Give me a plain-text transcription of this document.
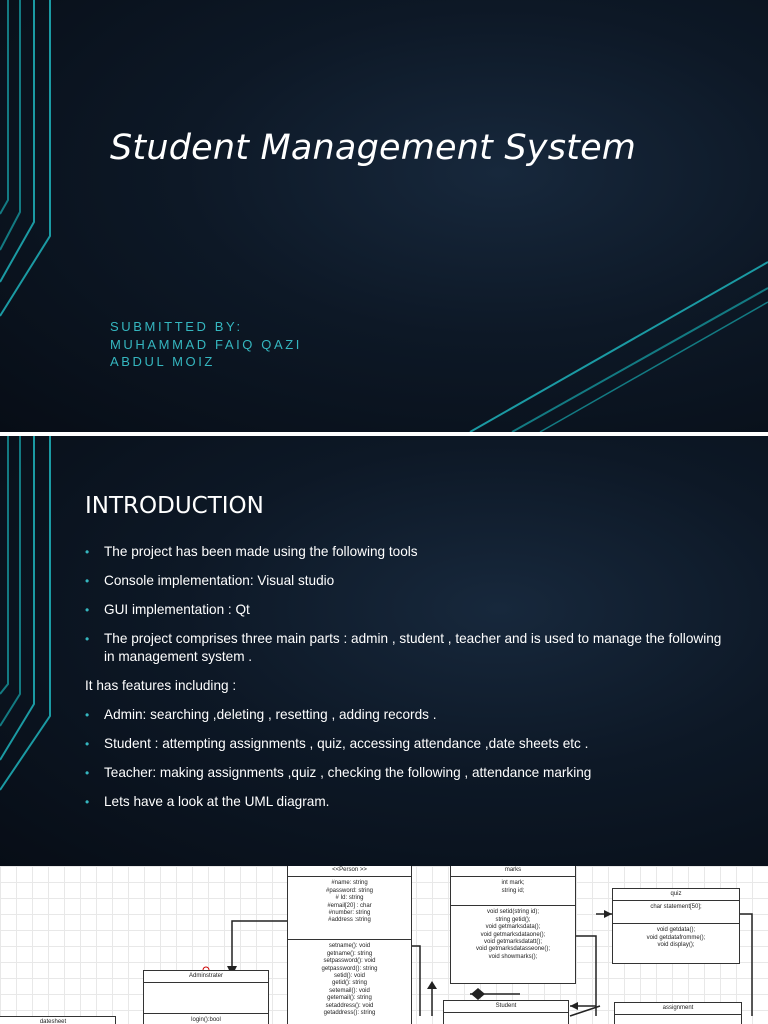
Student Management System
SUBMITTED BY:
MUHAMMAD FAIQ QAZI
ABDUL MOIZ
INTRODUCTION
• The project has been made using the following tools
• Console implementation: Visual studio
• GUI implementation : Qt
• The project comprises three main parts : admin , student , teacher and is used to manage the following in management system .
It has features including :
• Admin: searching ,deleting , resetting , adding records .
• Student : attempting assignments , quiz, accessing attendance ,date sheets etc .
• Teacher: making assignments ,quiz , checking the following , attendance marking
• Lets have a look at the UML diagram.
<<Person >>
#name: string
#password: string
# Id: string
#email[20] : char
#number: string
#address :string
setname(): void
getname(): string
setpassword(): void
getpassword(): string
setid(): void
getid(): string
setemail(): void
getemail(): string
setaddress(): void
getaddress(): string
marks
int mark;
string id;
void setid(string id);
string getid();
void getmarksdata();
void getmarksdataone();
void getmarksdatatt();
void getmarksdatasseone();
void showmarks();
quiz
char statement[50];
void getdata();
void getdatafromme();
void display();
Adminstrater
login():bool
Student	assignment
datesheet
